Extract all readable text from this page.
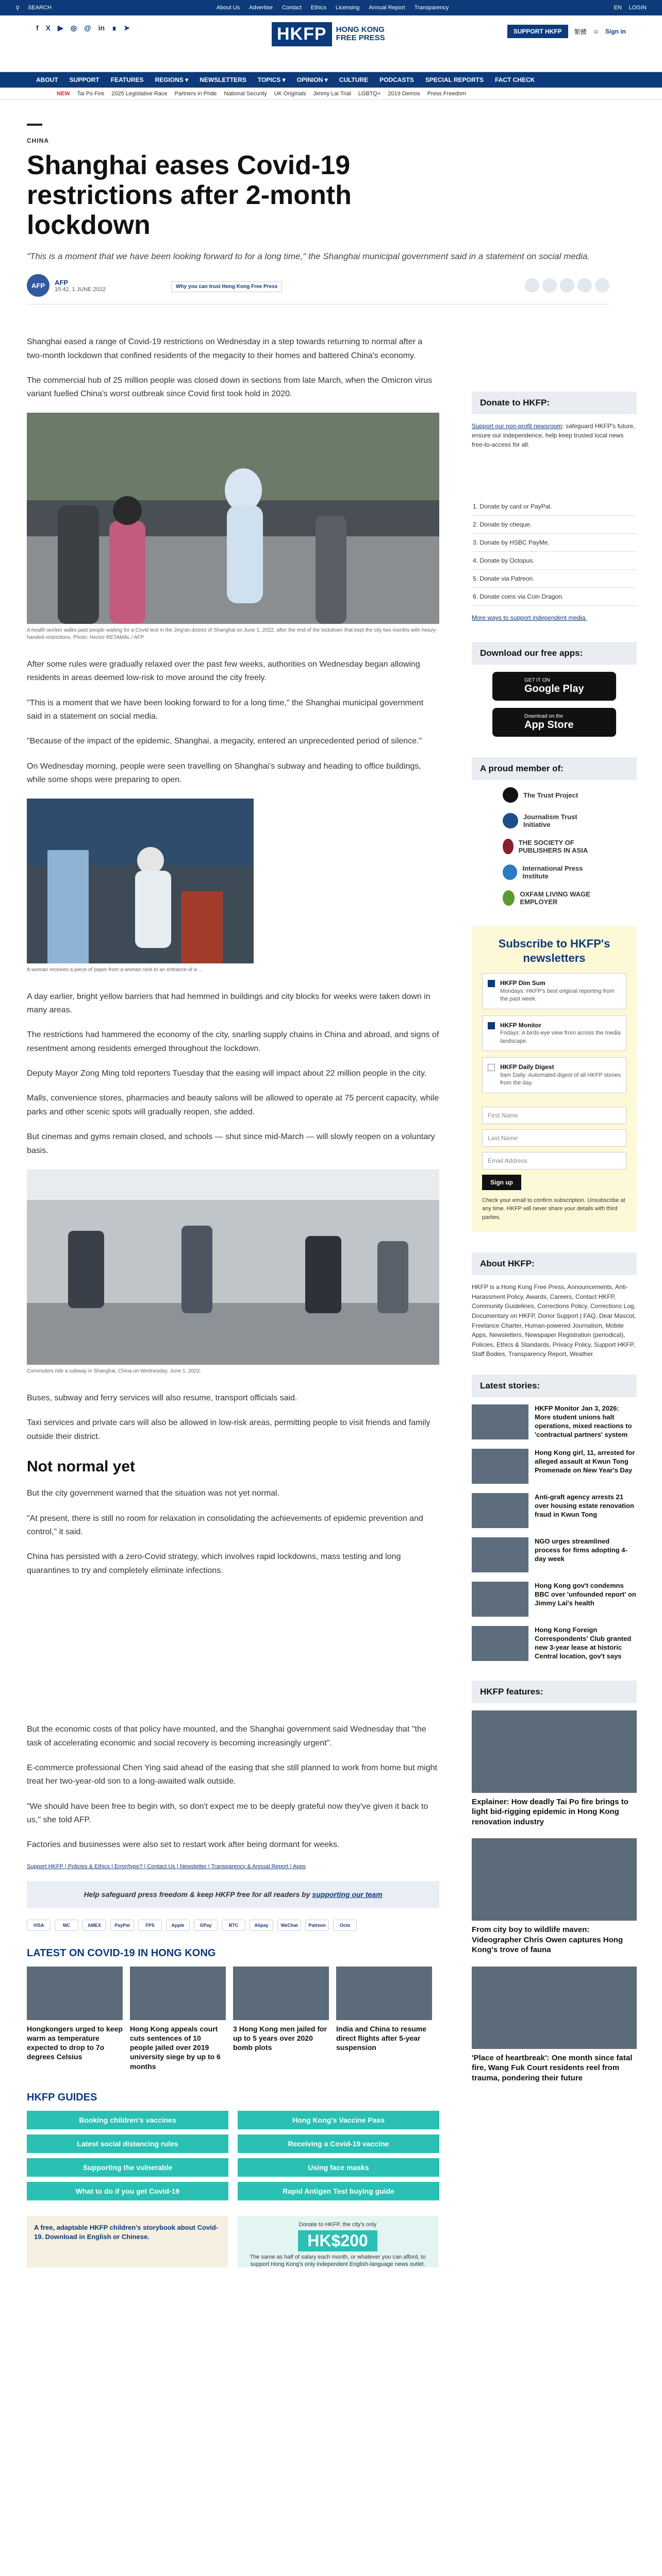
⚲ SEARCH	About Us Advertise Contact Ethics Licensing Annual Report Transparency	EN LOGIN
f X ▶ ◎ @ in ∎ ➤	HKFP	HONG KONG
FREE PRESS
SUPPORT HKFP	繁體 ☺ Sign in
ABOUT SUPPORT FEATURES REGIONS ▾ NEWSLETTERS TOPICS ▾ OPINION ▾ CULTURE PODCASTS SPECIAL REPORTS FACT CHECK
NEW Tai Po Fire 2025 Legislative Race Partners in Pride National Security UK Originals Jimmy Lai Trial LGBTQ+ 2019 Demos Press Freedom
CHINA
Shanghai eases Covid-19 restrictions after 2-month lockdown
"This is a moment that we have been looking forward to for a long time," the Shanghai municipal government said in a statement on social media.
AFP	AFP
15:42, 1 JUNE 2022	Why you can trust Hong Kong Free Press

Shanghai eased a range of Covid-19 restrictions on Wednesday in a step towards returning to normal after a two-month lockdown that confined residents of the megacity to their homes and battered China's economy.

The commercial hub of 25 million people was closed down in sections from late March, when the Omicron virus variant fuelled China's worst outbreak since Covid first took hold in 2020.

A health worker walks past people waiting for a Covid test in the Jing'an district of Shanghai on June 1, 2022, after the end of the lockdown that kept the city two months with heavy-handed restrictions. Photo: Hector RETAMAL / AFP.

After some rules were gradually relaxed over the past few weeks, authorities on Wednesday began allowing residents in areas deemed low-risk to move around the city freely.

"This is a moment that we have been looking forward to for a long time," the Shanghai municipal government said in a statement on social media.

"Because of the impact of the epidemic, Shanghai, a megacity, entered an unprecedented period of silence."

On Wednesday morning, people were seen travelling on Shanghai's subway and heading to office buildings, while some shops were preparing to open.

A woman receives a piece of paper from a woman next to an entrance of a ...

A day earlier, bright yellow barriers that had hemmed in buildings and city blocks for weeks were taken down in many areas.

The restrictions had hammered the economy of the city, snarling supply chains in China and abroad, and signs of resentment among residents emerged throughout the lockdown.

Deputy Mayor Zong Ming told reporters Tuesday that the easing will impact about 22 million people in the city.

Malls, convenience stores, pharmacies and beauty salons will be allowed to operate at 75 percent capacity, while parks and other scenic spots will gradually reopen, she added.

But cinemas and gyms remain closed, and schools — shut since mid-March — will slowly reopen on a voluntary basis.

Commuters ride a subway in Shanghai, China on Wednesday, June 1, 2022.

Buses, subway and ferry services will also resume, transport officials said.

Taxi services and private cars will also be allowed in low-risk areas, permitting people to visit friends and family outside their district.

Not normal yet

But the city government warned that the situation was not yet normal.

"At present, there is still no room for relaxation in consolidating the achievements of epidemic prevention and control," it said.

China has persisted with a zero-Covid strategy, which involves rapid lockdowns, mass testing and long quarantines to try and completely eliminate infections.

But the economic costs of that policy have mounted, and the Shanghai government said Wednesday that "the task of accelerating economic and social recovery is becoming increasingly urgent".

E-commerce professional Chen Ying said ahead of the easing that she still planned to work from home but might treat her two-year-old son to a long-awaited walk outside.

"We should have been free to begin with, so don't expect me to be deeply grateful now they've given it back to us," she told AFP.

Factories and businesses were also set to restart work after being dormant for weeks.

Support HKFP | Policies & Ethics | Error/typo? | Contact Us | Newsletter | Transparency & Annual Report | Apps
Help safeguard press freedom & keep HKFP free for all readers by supporting our team
VISA	MC	AMEX	PayPal	FPS	Apple	GPay	BTC	Alipay	WeChat	Patreon	Octo
LATEST ON COVID-19 IN HONG KONG
Hongkongers urged to keep warm as temperature expected to drop to 7o degrees Celsius
Hong Kong appeals court cuts sentences of 10 people jailed over 2019 university siege by up to 6 months
3 Hong Kong men jailed for up to 5 years over 2020 bomb plots
India and China to resume direct flights after 5-year suspension
HKFP GUIDES
Booking children's vaccines	Hong Kong's Vaccine Pass
Latest social distancing rules	Receiving a Covid-19 vaccine
Supporting the vulnerable	Using face masks
What to do if you get Covid-19	Rapid Antigen Test buying guide
A free, adaptable HKFP children's storybook about Covid-19. Download in English or Chinese.
Donate to HKFP, the city's only
HK$200
The same as half of salary each month, or whatever you can afford, to support Hong Kong's only independent English-language news outlet.
Donate to HKFP:
Support our non-profit newsroom: safeguard HKFP's future, ensure our independence, help keep trusted local news free-to-access for all.
1. Donate by card or PayPal.
2. Donate by cheque.
3. Donate by HSBC PayMe.
4. Donate by Octopus.
5. Donate via Patreon.
6. Donate coins via Coin Dragon.
More ways to support independent media.
Download our free apps:
GET IT ON
Google Play
Download on the
App Store
A proud member of:
The Trust Project
Journalism Trust Initiative
THE SOCIETY OF PUBLISHERS IN ASIA
International Press Institute
OXFAM LIVING WAGE EMPLOYER
Subscribe to HKFP's newsletters
HKFP Dim Sum
Mondays: HKFP's best original reporting from the past week.
HKFP Monitor
Fridays: A birds-eye view from across the media landscape.
HKFP Daily Digest
9am Daily: Automated digest of all HKFP stories from the day.
First Name
Last Name
Email Address
Sign up
Check your email to confirm subscription. Unsubscribe at any time. HKFP will never share your details with third parties.
About HKFP:
HKFP is a Hong Kong Free Press, Announcements, Anti-Harassment Policy, Awards, Careers, Contact HKFP, Community Guidelines, Corrections Policy, Corrections Log, Documentary on HKFP, Donor Support | FAQ, Dear Mascot, Freelance Charter, Human-powered Journalism, Mobile Apps, Newsletters, Newspaper Registration (periodical), Policies, Ethics & Standards, Privacy Policy, Support HKFP, Staff Bodies, Transparency Report, Weather.
Latest stories:
HKFP Monitor Jan 3, 2026: More student unions halt operations, mixed reactions to 'contractual partners' system
Hong Kong girl, 11, arrested for alleged assault at Kwun Tong Promenade on New Year's Day
Anti-graft agency arrests 21 over housing estate renovation fraud in Kwun Tong
NGO urges streamlined process for firms adopting 4-day week
Hong Kong gov't condemns BBC over 'unfounded report' on Jimmy Lai's health
Hong Kong Foreign Correspondents' Club granted new 3-year lease at historic Central location, gov't says
HKFP features:
Explainer: How deadly Tai Po fire brings to light bid-rigging epidemic in Hong Kong renovation industry
From city boy to wildlife maven: Videographer Chris Owen captures Hong Kong's trove of fauna
'Place of heartbreak': One month since fatal fire, Wang Fuk Court residents reel from trauma, pondering their future
